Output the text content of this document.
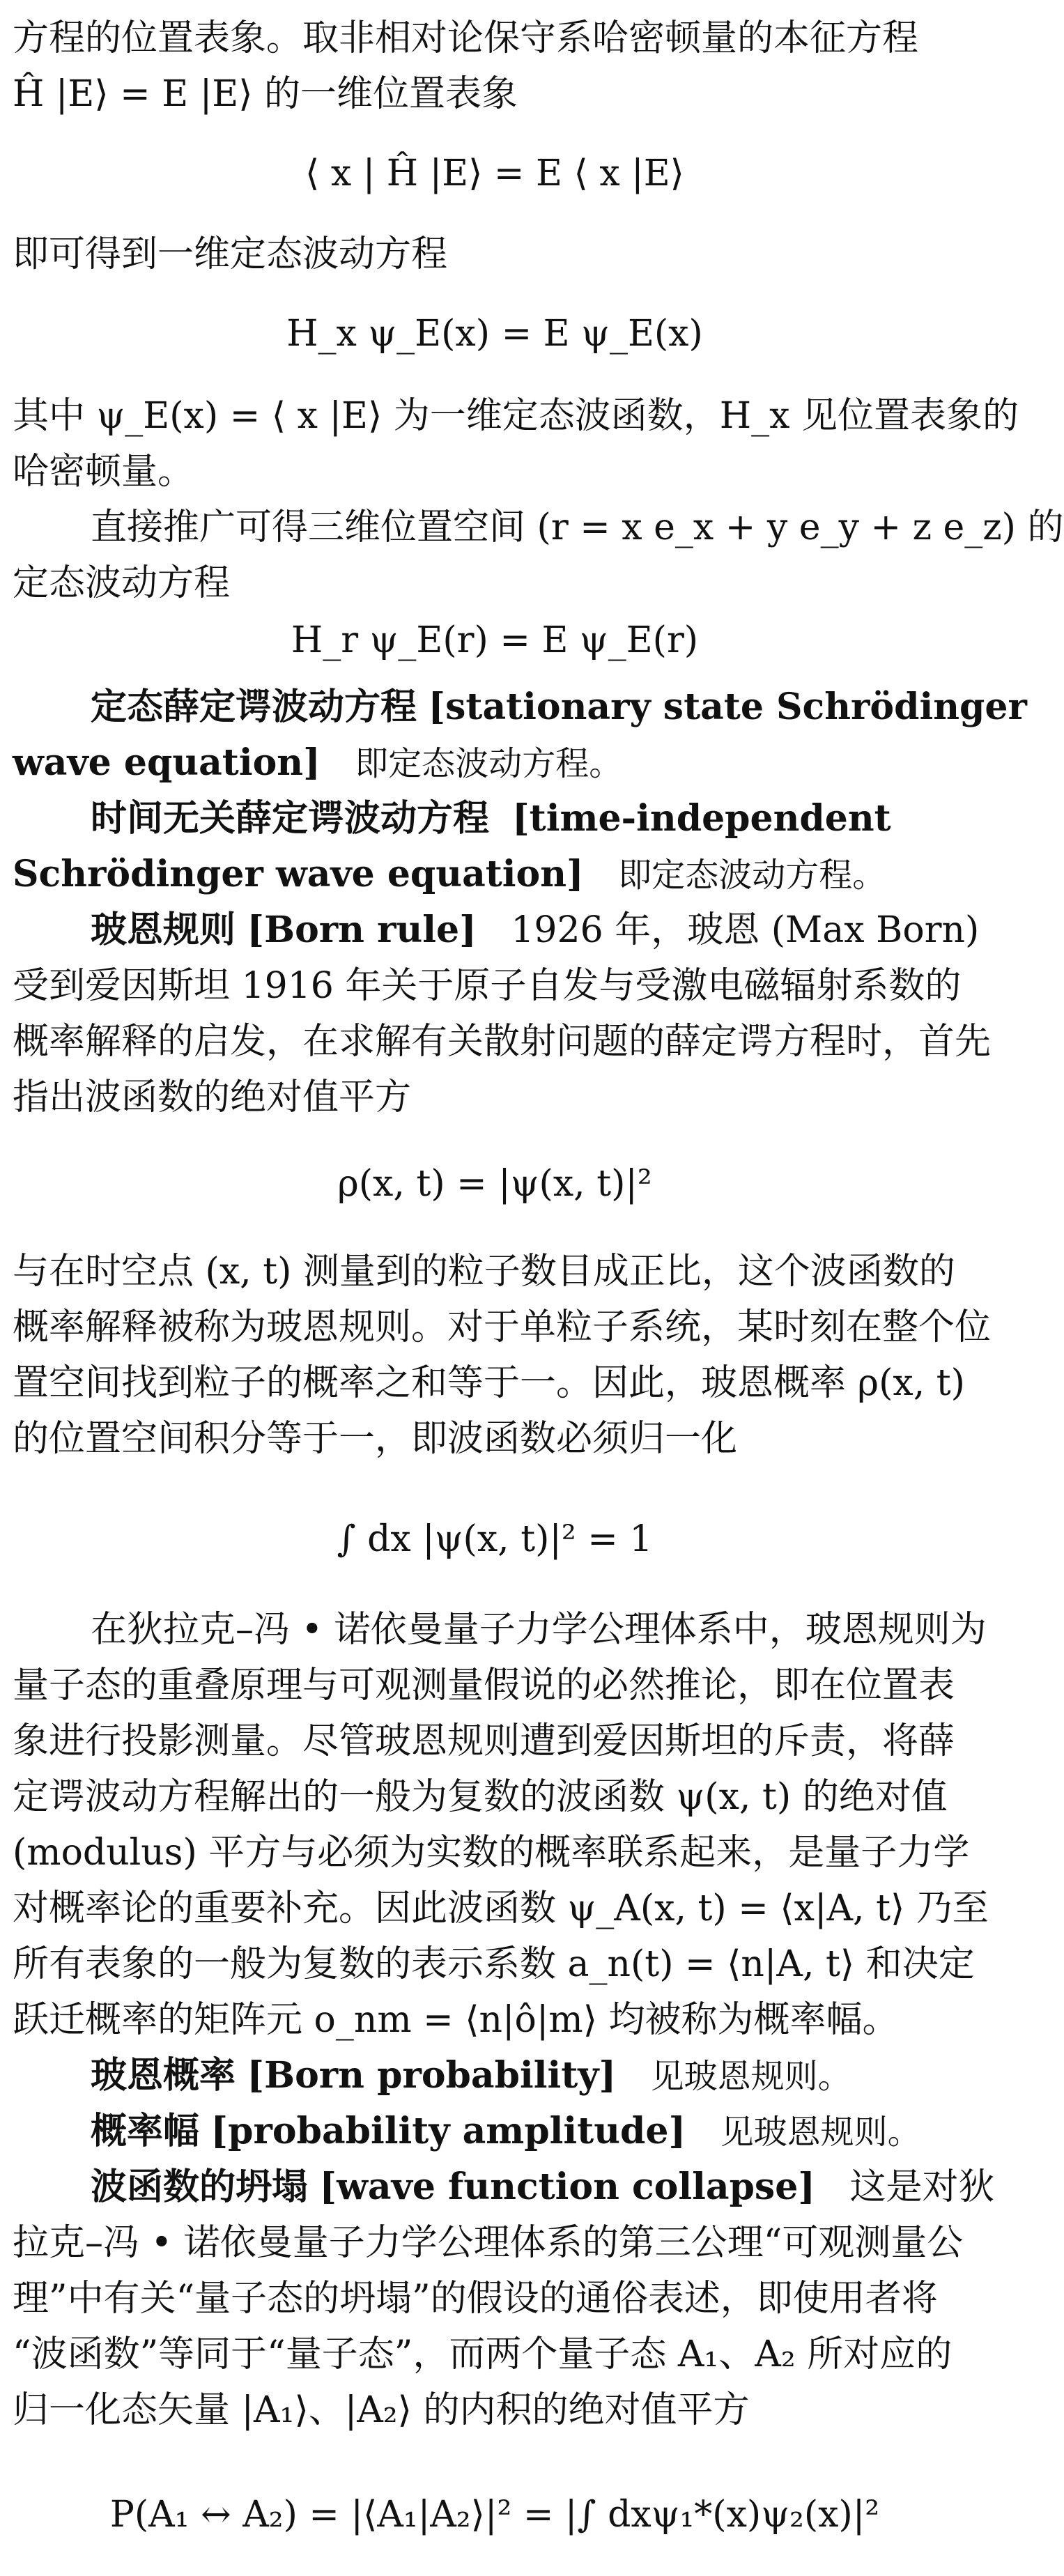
方程的位置表象。取非相对论保守系哈密顿量的本征方程
Ĥ |E⟩ = E |E⟩ 的一维位置表象
⟨ x | Ĥ |E⟩ = E ⟨ x |E⟩
即可得到一维定态波动方程
H_x ψ_E(x) = E ψ_E(x)
其中 ψ_E(x) = ⟨ x |E⟩ 为一维定态波函数，H_x 见位置表象的
哈密顿量。
直接推广可得三维位置空间 (r = x e_x + y e_y + z e_z) 的
定态波动方程
H_r ψ_E(r) = E ψ_E(r)
定态薛定谔波动方程 [stationary state Schrödinger
wave equation] 即定态波动方程。
时间无关薛定谔波动方程 [time-independent
Schrödinger wave equation] 即定态波动方程。
玻恩规则 [Born rule] 1926 年，玻恩 (Max Born)
受到爱因斯坦 1916 年关于原子自发与受激电磁辐射系数的
概率解释的启发，在求解有关散射问题的薛定谔方程时，首先
指出波函数的绝对值平方
ρ(x, t) = |ψ(x, t)|²
与在时空点 (x, t) 测量到的粒子数目成正比，这个波函数的
概率解释被称为玻恩规则。对于单粒子系统，某时刻在整个位
置空间找到粒子的概率之和等于一。因此，玻恩概率 ρ(x, t)
的位置空间积分等于一，即波函数必须归一化
∫ dx |ψ(x, t)|² = 1
在狄拉克–冯 • 诺依曼量子力学公理体系中，玻恩规则为
量子态的重叠原理与可观测量假说的必然推论，即在位置表
象进行投影测量。尽管玻恩规则遭到爱因斯坦的斥责，将薛
定谔波动方程解出的一般为复数的波函数 ψ(x, t) 的绝对值
(modulus) 平方与必须为实数的概率联系起来，是量子力学
对概率论的重要补充。因此波函数 ψ_A(x, t) = ⟨x|A, t⟩ 乃至
所有表象的一般为复数的表示系数 a_n(t) = ⟨n|A, t⟩ 和决定
跃迁概率的矩阵元 o_nm = ⟨n|ô|m⟩ 均被称为概率幅。
玻恩概率 [Born probability] 见玻恩规则。
概率幅 [probability amplitude] 见玻恩规则。
波函数的坍塌 [wave function collapse] 这是对狄
拉克–冯 • 诺依曼量子力学公理体系的第三公理“可观测量公
理”中有关“量子态的坍塌”的假设的通俗表述，即使用者将
“波函数”等同于“量子态”，而两个量子态 A₁、A₂ 所对应的
归一化态矢量 |A₁⟩、|A₂⟩ 的内积的绝对值平方
P(A₁ ↔ A₂) = |⟨A₁|A₂⟩|² = |∫ dxψ₁*(x)ψ₂(x)|²
